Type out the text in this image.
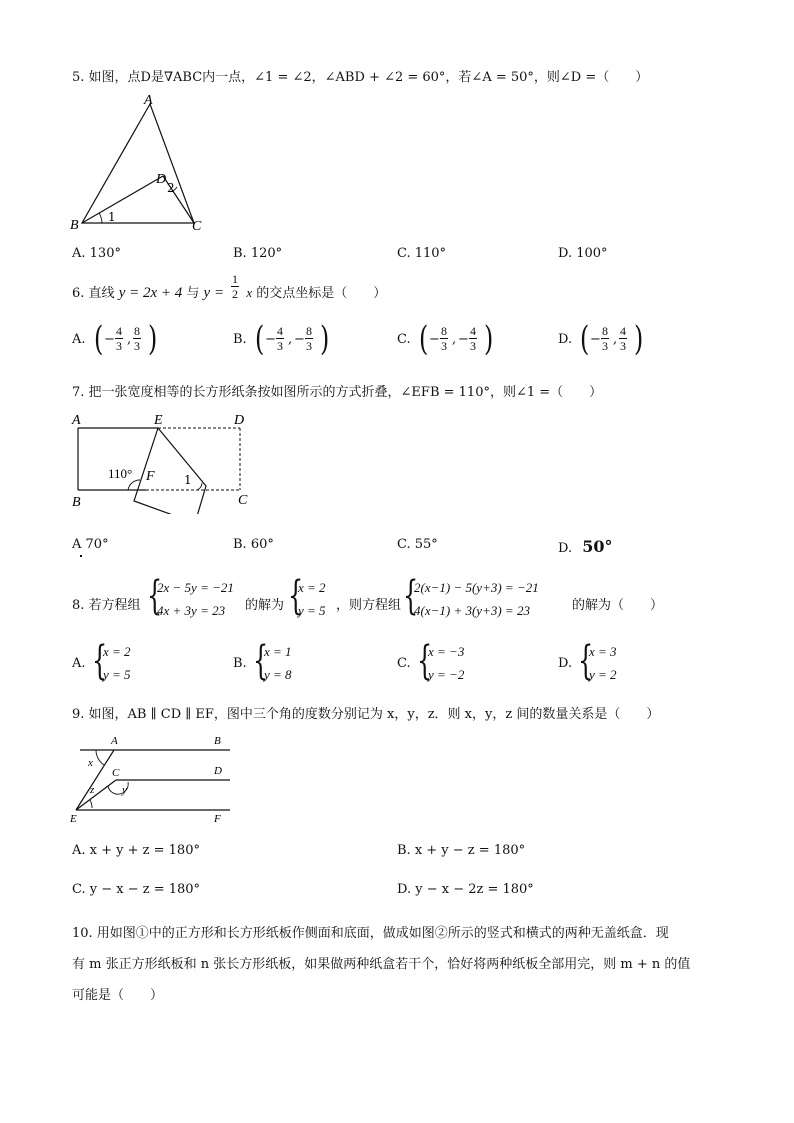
5. 如图，点D是∇ABC内一点，∠1 = ∠2，∠ABD + ∠2 = 60°，若∠A = 50°，则∠D =（　　）
A
B	C
D
1
2
A. 130°	B. 120°	C. 110°	D. 100°
6. 直线 y = 2x + 4 与 y = x 的交点坐标是（　　）
$\frac{1}{2}$
A. ( − $\frac{4}{3}$ , $\frac{8}{3}$ )	B. ( − $\frac{4}{3}$ , − $\frac{8}{3}$ )	C. ( − $\frac{8}{3}$ , − $\frac{4}{3}$ )	D. ( − $\frac{8}{3}$ , $\frac{4}{3}$ )
7. 把一张宽度相等的长方形纸条按如图所示的方式折叠，∠EFB = 110°，则∠1 =（　　）
A	E	D
B	C
F
110°	1
A 70°	B. 60°	C. 55°	D. 50°
8. 若方程组 {
2x − 5y = −21
4x + 3y = 23 的解为 {
x = 2
y = 5 ，则方程组 {
2(x−1) − 5(y+3) = −21
4(x−1) + 3(y+3) = 23	的解为（　　）
A. {
x = 2
y = 5
B. {
x = 1
y = 8
C. {
x = −3
y = −2
D. {
x = 3
y = 2
9. 如图，AB ∥ CD ∥ EF，图中三个角的度数分别记为 x，y，z．则 x，y，z 间的数量关系是（　　）
A	B
C	D
E	F
x
y
z
A. x + y + z = 180°	B. x + y − z = 180°
C. y − x − z = 180°	D. y − x − 2z = 180°
10. 用如图①中的正方形和长方形纸板作侧面和底面，做成如图②所示的竖式和横式的两种无盖纸盒．现
有 m 张正方形纸板和 n 张长方形纸板，如果做两种纸盒若干个，恰好将两种纸板全部用完，则 m + n 的值
可能是（　　）
